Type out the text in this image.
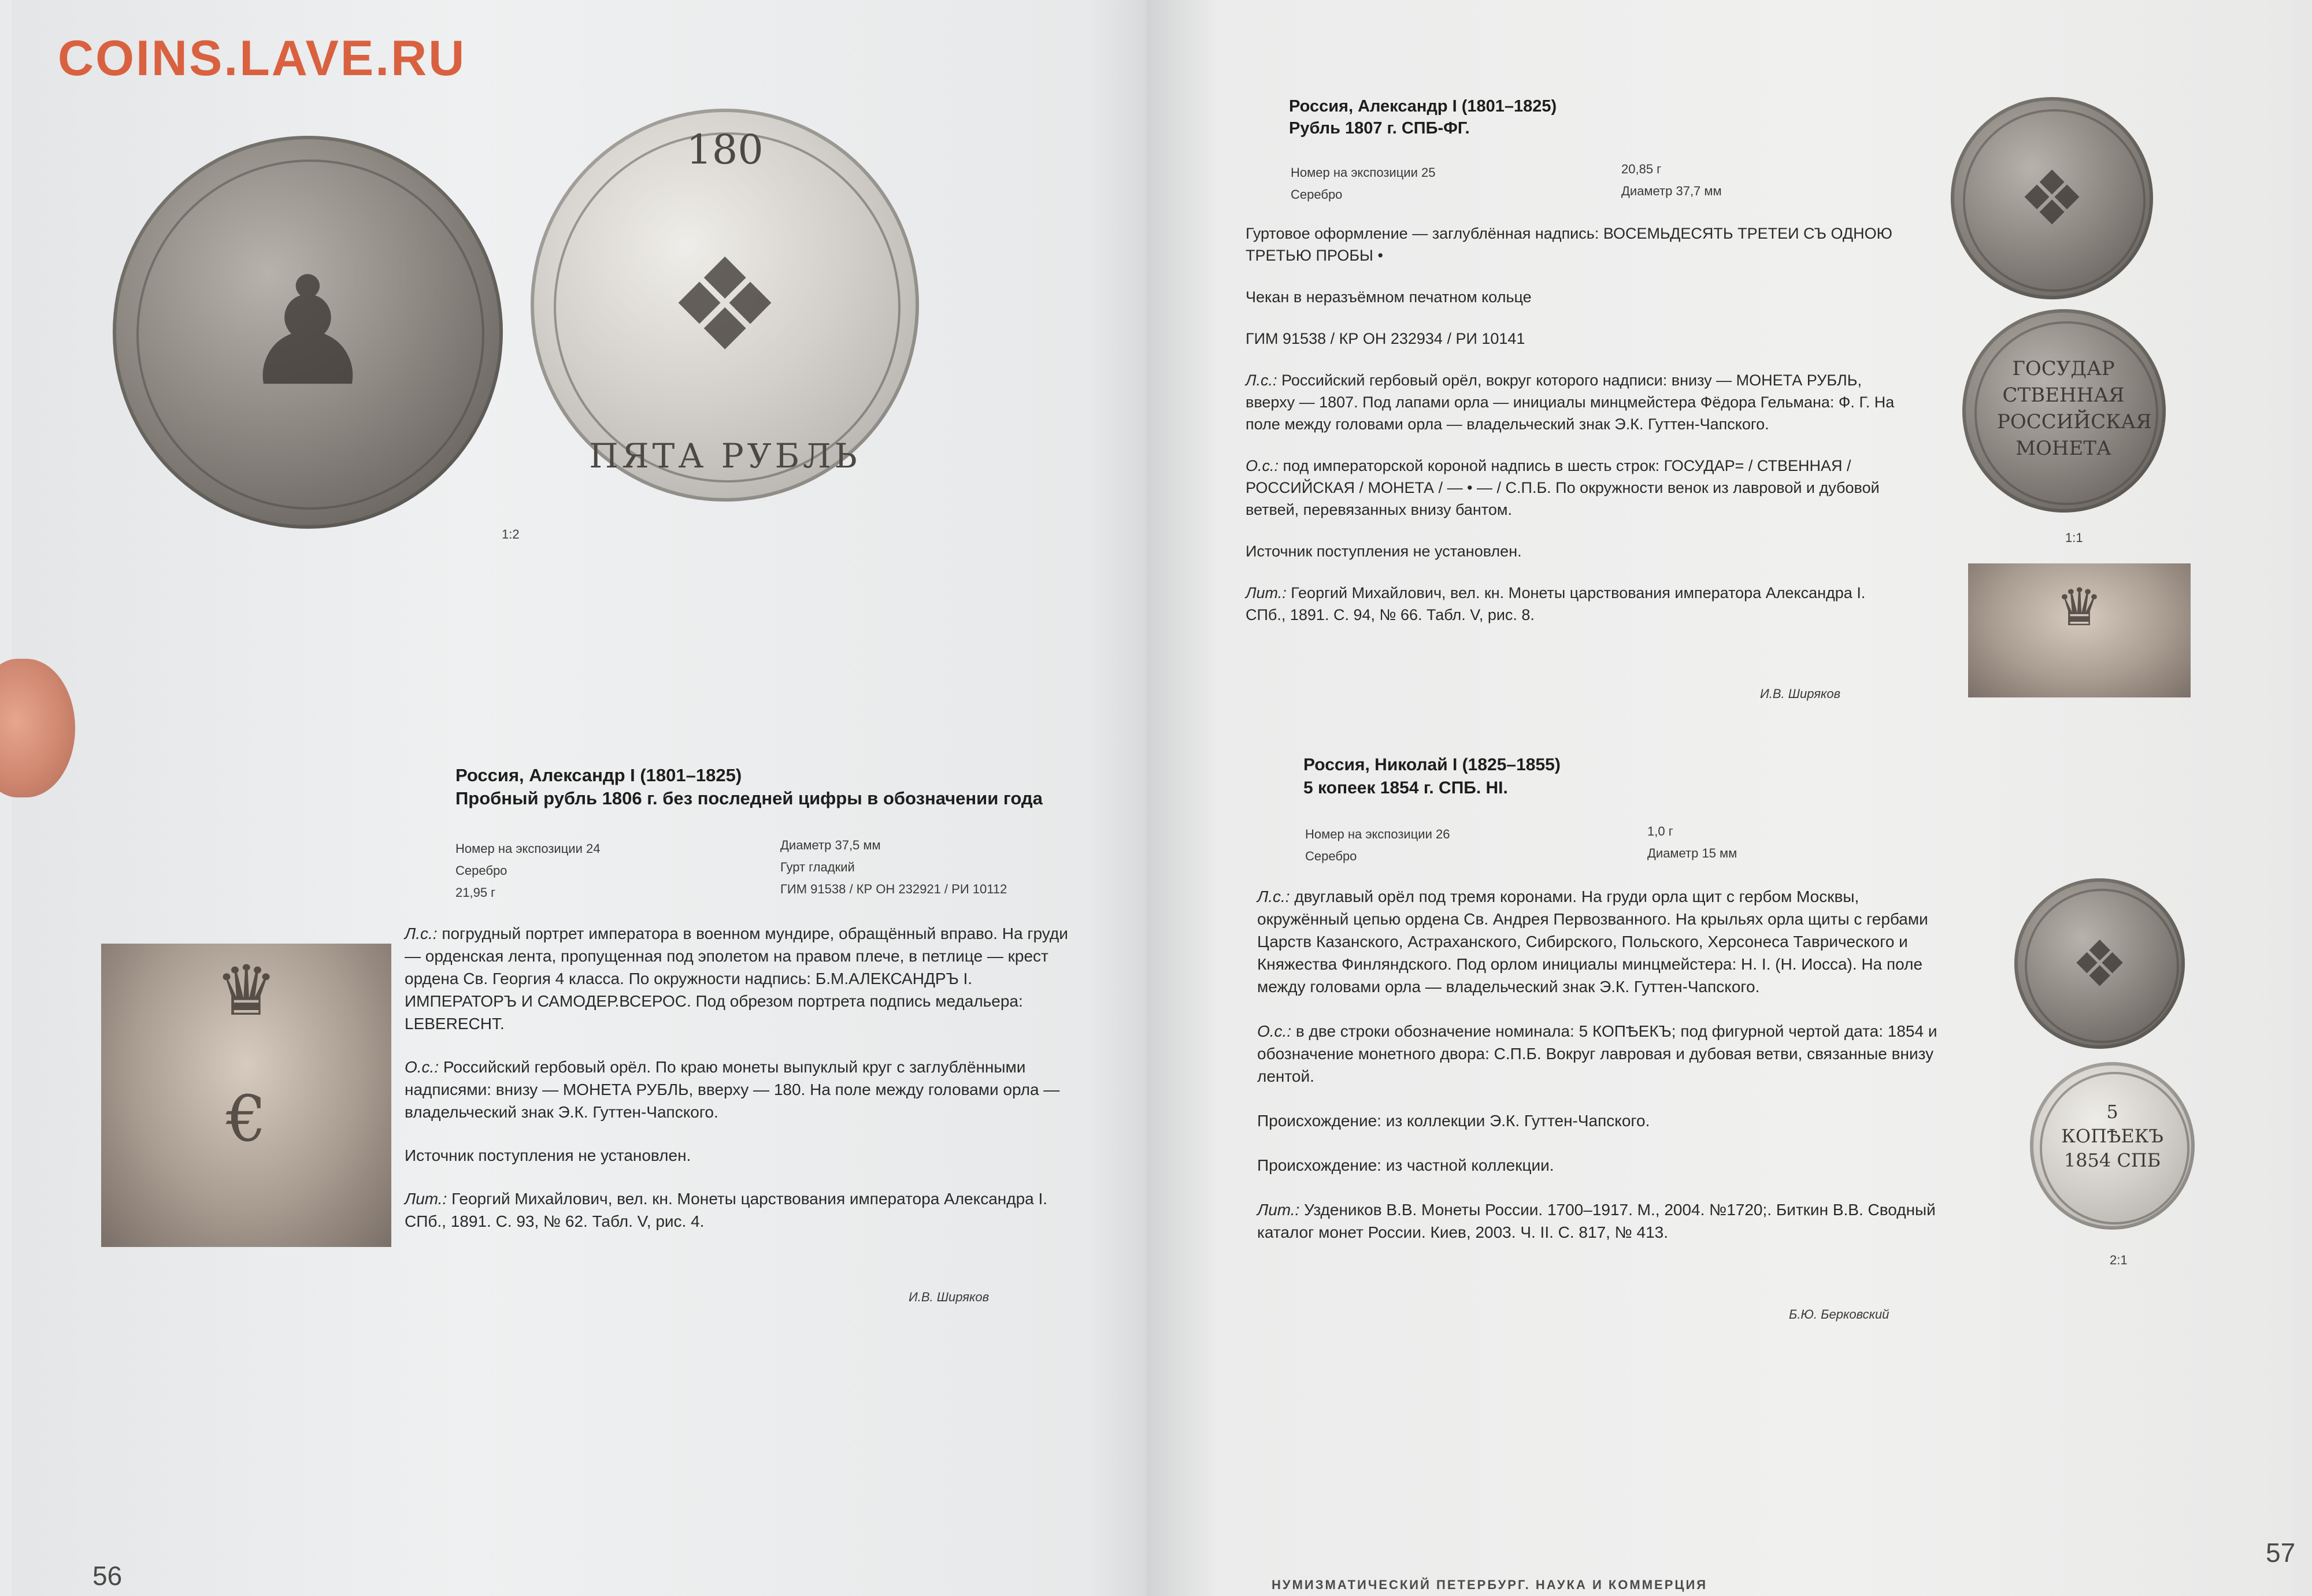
COINS.LAVE.RU
♟	❖
180
ПЯТА РУБЛЬ
1:2
♛
€
Россия, Александр I (1801–1825)
Пробный рубль 1806 г. без последней цифры в обозначении года
Номер на экспозиции 24
Серебро
21,95 г
Диаметр 37,5 мм
Гурт гладкий
ГИМ 91538 / КР ОН 232921 / РИ 10112

Л.с.: погрудный портрет императора в военном мундире, обращённый вправо. На груди — орденская лента, пропущенная под эполетом на правом плече, в петлице — крест ордена Св. Георгия 4 класса. По окружности надпись: Б.М.АЛЕКСАНДРЪ I. ИМПЕРАТОРЪ И САМОДЕР.ВСЕРОС. Под обрезом портрета подпись медальера: LEBERECHT.

О.с.: Российский гербовый орёл. По краю монеты выпуклый круг с заглублёнными надписями: внизу — МОНЕТА РУБЛЬ, вверху — 180. На поле между головами орла — владельческий знак Э.К. Гуттен-Чапского.

Источник поступления не установлен.

Лит.: Георгий Михайлович, вел. кн. Монеты царствования императора Александра I. СПб., 1891. С. 93, № 62. Табл. V, рис. 4.

И.В. Ширяков
56
❖
ГОСУДАР СТВЕННАЯ РОССИЙСКАЯ МОНЕТА
1:1
♛
Россия, Александр I (1801–1825)
Рубль 1807 г. СПБ-ФГ.
Номер на экспозиции 25
Серебро
20,85 г
Диаметр 37,7 мм

Гуртовое оформление — заглублённая надпись: ВОСЕМЬДЕСЯТЬ ТРЕТЕИ СЪ ОДНОЮ ТРЕТЬЮ ПРОБЫ •

Чекан в неразъёмном печатном кольце

ГИМ 91538 / КР ОН 232934 / РИ 10141

Л.с.: Российский гербовый орёл, вокруг которого надписи: внизу — МОНЕТА РУБЛЬ, вверху — 1807. Под лапами орла — инициалы минцмейстера Фёдора Гельмана: Ф. Г. На поле между головами орла — владельческий знак Э.К. Гуттен-Чапского.

О.с.: под императорской короной надпись в шесть строк: ГОСУДАР= / СТВЕННАЯ / РОССИЙСКАЯ / МОНЕТА / — • — / С.П.Б. По окружности венок из лавровой и дубовой ветвей, перевязанных внизу бантом.

Источник поступления не установлен.

Лит.: Георгий Михайлович, вел. кн. Монеты царствования императора Александра I. СПб., 1891. С. 94, № 66. Табл. V, рис. 8.

И.В. Ширяков
❖
5 КОПѢЕКЪ 1854 СПБ
2:1
Россия, Николай I (1825–1855)
5 копеек 1854 г. СПБ. НI.
Номер на экспозиции 26
Серебро
1,0 г
Диаметр 15 мм

Л.с.: двуглавый орёл под тремя коронами. На груди орла щит с гербом Москвы, окружённый цепью ордена Св. Андрея Первозванного. На крыльях орла щиты с гербами Царств Казанского, Астраханского, Сибирского, Польского, Херсонеса Таврического и Княжества Финляндского. Под орлом инициалы минцмейстера: Н. I. (Н. Иосса). На поле между головами орла — владельческий знак Э.К. Гуттен-Чапского.

О.с.: в две строки обозначение номинала: 5 КОПѢЕКЪ; под фигурной чертой дата: 1854 и обозначение монетного двора: С.П.Б. Вокруг лавровая и дубовая ветви, связанные внизу лентой.

Происхождение: из коллекции Э.К. Гуттен-Чапского.

Происхождение: из частной коллекции.

Лит.: Уздеников В.В. Монеты России. 1700–1917. М., 2004. №1720;. Биткин В.В. Сводный каталог монет России. Киев, 2003. Ч. II. С. 817, № 413.

Б.Ю. Берковский
НУМИЗМАТИЧЕСКИЙ ПЕТЕРБУРГ. НАУКА И КОММЕРЦИЯ
57
